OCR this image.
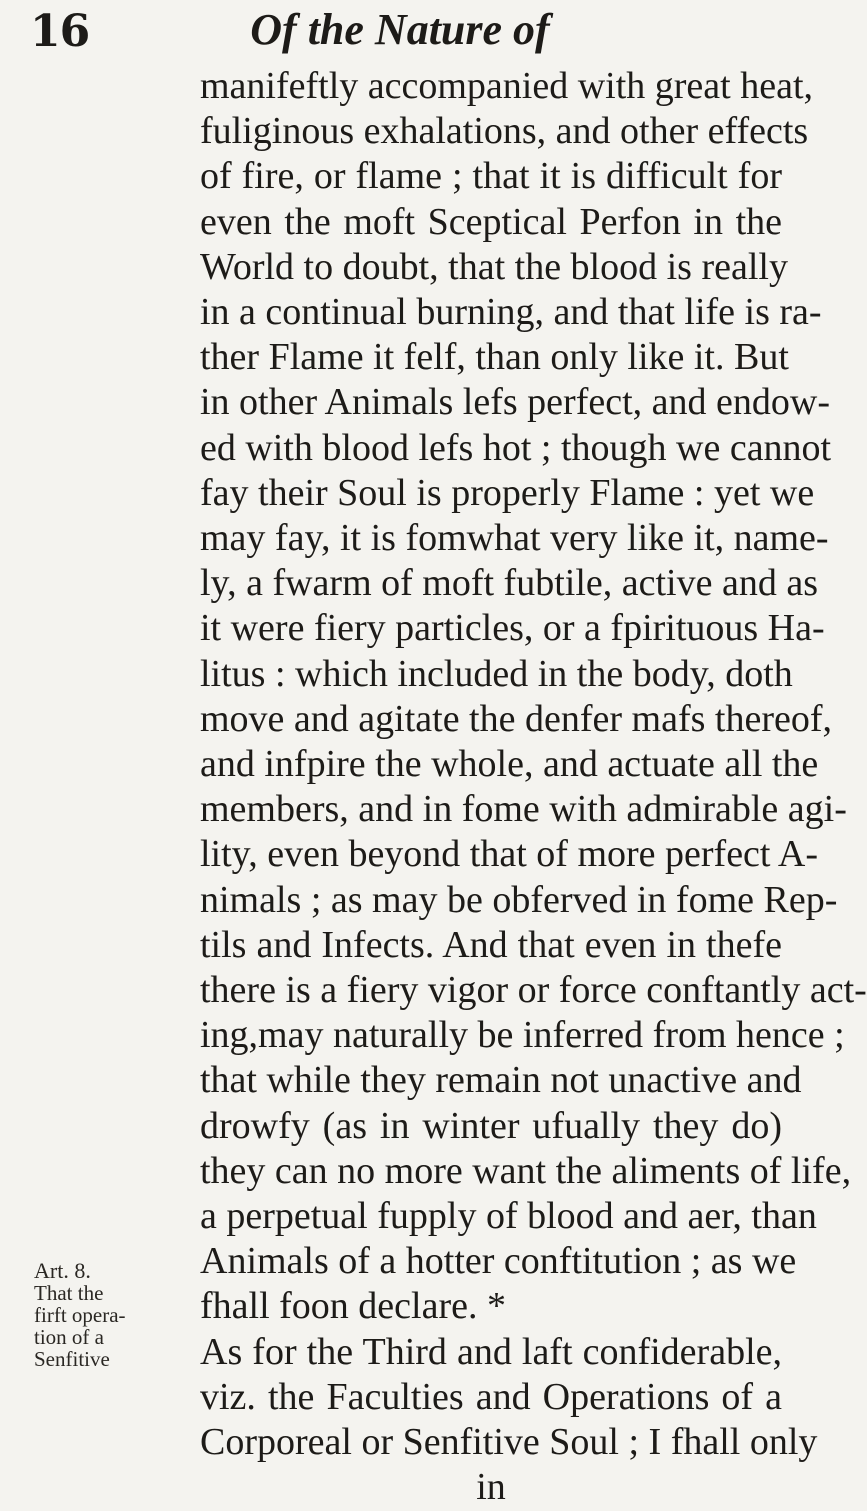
16	Of the Nature of
manifeftly accompanied with great heat,
fuliginous exhalations, and other effects
of fire, or flame ; that it is difficult for
even the moft Sceptical Perfon in the
World to doubt, that the blood is really
in a continual burning, and that life is ra-
ther Flame it felf, than only like it. But
in other Animals lefs perfect, and endow-
ed with blood lefs hot ; though we cannot
fay their Soul is properly Flame : yet we
may fay, it is fomwhat very like it, name-
ly, a fwarm of moft fubtile, active and as
it were fiery particles, or a fpirituous Ha-
litus : which included in the body, doth
move and agitate the denfer mafs thereof,
and infpire the whole, and actuate all the
members, and in fome with admirable agi-
lity, even beyond that of more perfect A-
nimals ; as may be obferved in fome Rep-
tils and Infects. And that even in thefe
there is a fiery vigor or force conftantly act-
ing,may naturally be inferred from hence ;
that while they remain not unactive and
drowfy (as in winter ufually they do)
they can no more want the aliments of life,
a perpetual fupply of blood and aer, than
Animals of a hotter conftitution ; as we
fhall foon declare. *
As for the Third and laft confiderable,
viz. the Faculties and Operations of a
Corporeal or Senfitive Soul ; I fhall only
in
Art. 8.
That the
firft opera-
tion of a
Senfitive
